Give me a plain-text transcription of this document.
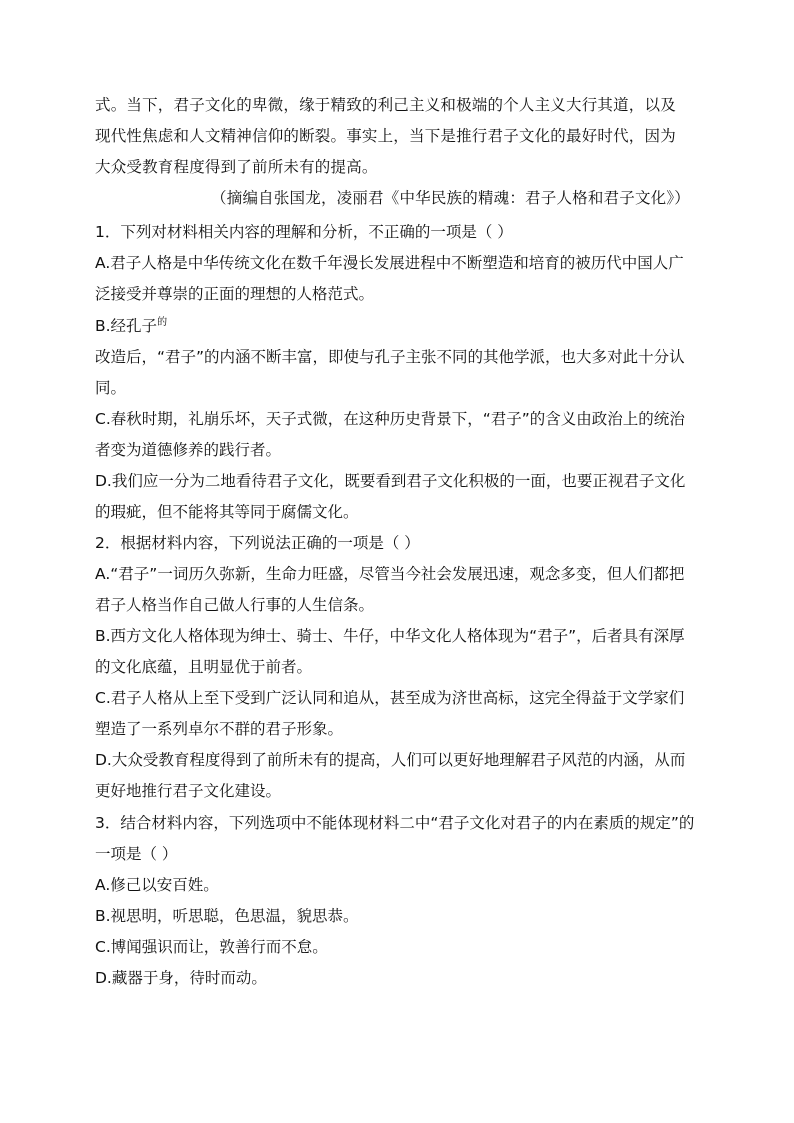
式。当下，君子文化的卑微，缘于精致的利己主义和极端的个人主义大行其道，以及

现代性焦虑和人文精神信仰的断裂。事实上，当下是推行君子文化的最好时代，因为

大众受教育程度得到了前所未有的提高。

（摘编自张国龙，凌丽君《中华民族的精魂：君子人格和君子文化》）

1．下列对材料相关内容的理解和分析，不正确的一项是（ ）

A.君子人格是中华传统文化在数千年漫长发展进程中不断塑造和培育的被历代中国人广泛接受并尊崇的正面的理想的人格范式。

B.经孔子$^的$

改造后，“君子”的内涵不断丰富，即使与孔子主张不同的其他学派，也大多对此十分认同。

C.春秋时期，礼崩乐坏，天子式微，在这种历史背景下，“君子”的含义由政治上的统治者变为道德修养的践行者。

D.我们应一分为二地看待君子文化，既要看到君子文化积极的一面，也要正视君子文化的瑕疵，但不能将其等同于腐儒文化。

2．根据材料内容，下列说法正确的一项是（ ）

A.“君子”一词历久弥新，生命力旺盛，尽管当今社会发展迅速，观念多变，但人们都把君子人格当作自己做人行事的人生信条。

B.西方文化人格体现为绅士、骑士、牛仔，中华文化人格体现为“君子”，后者具有深厚的文化底蕴，且明显优于前者。

C.君子人格从上至下受到广泛认同和追从，甚至成为济世高标，这完全得益于文学家们塑造了一系列卓尔不群的君子形象。

D.大众受教育程度得到了前所未有的提高，人们可以更好地理解君子风范的内涵，从而更好地推行君子文化建设。

3．结合材料内容，下列选项中不能体现材料二中“君子文化对君子的内在素质的规定”的一项是（ ）

A.修己以安百姓。

B.视思明，听思聪，色思温，貌思恭。

C.博闻强识而让，敦善行而不怠。

D.藏器于身，待时而动。
